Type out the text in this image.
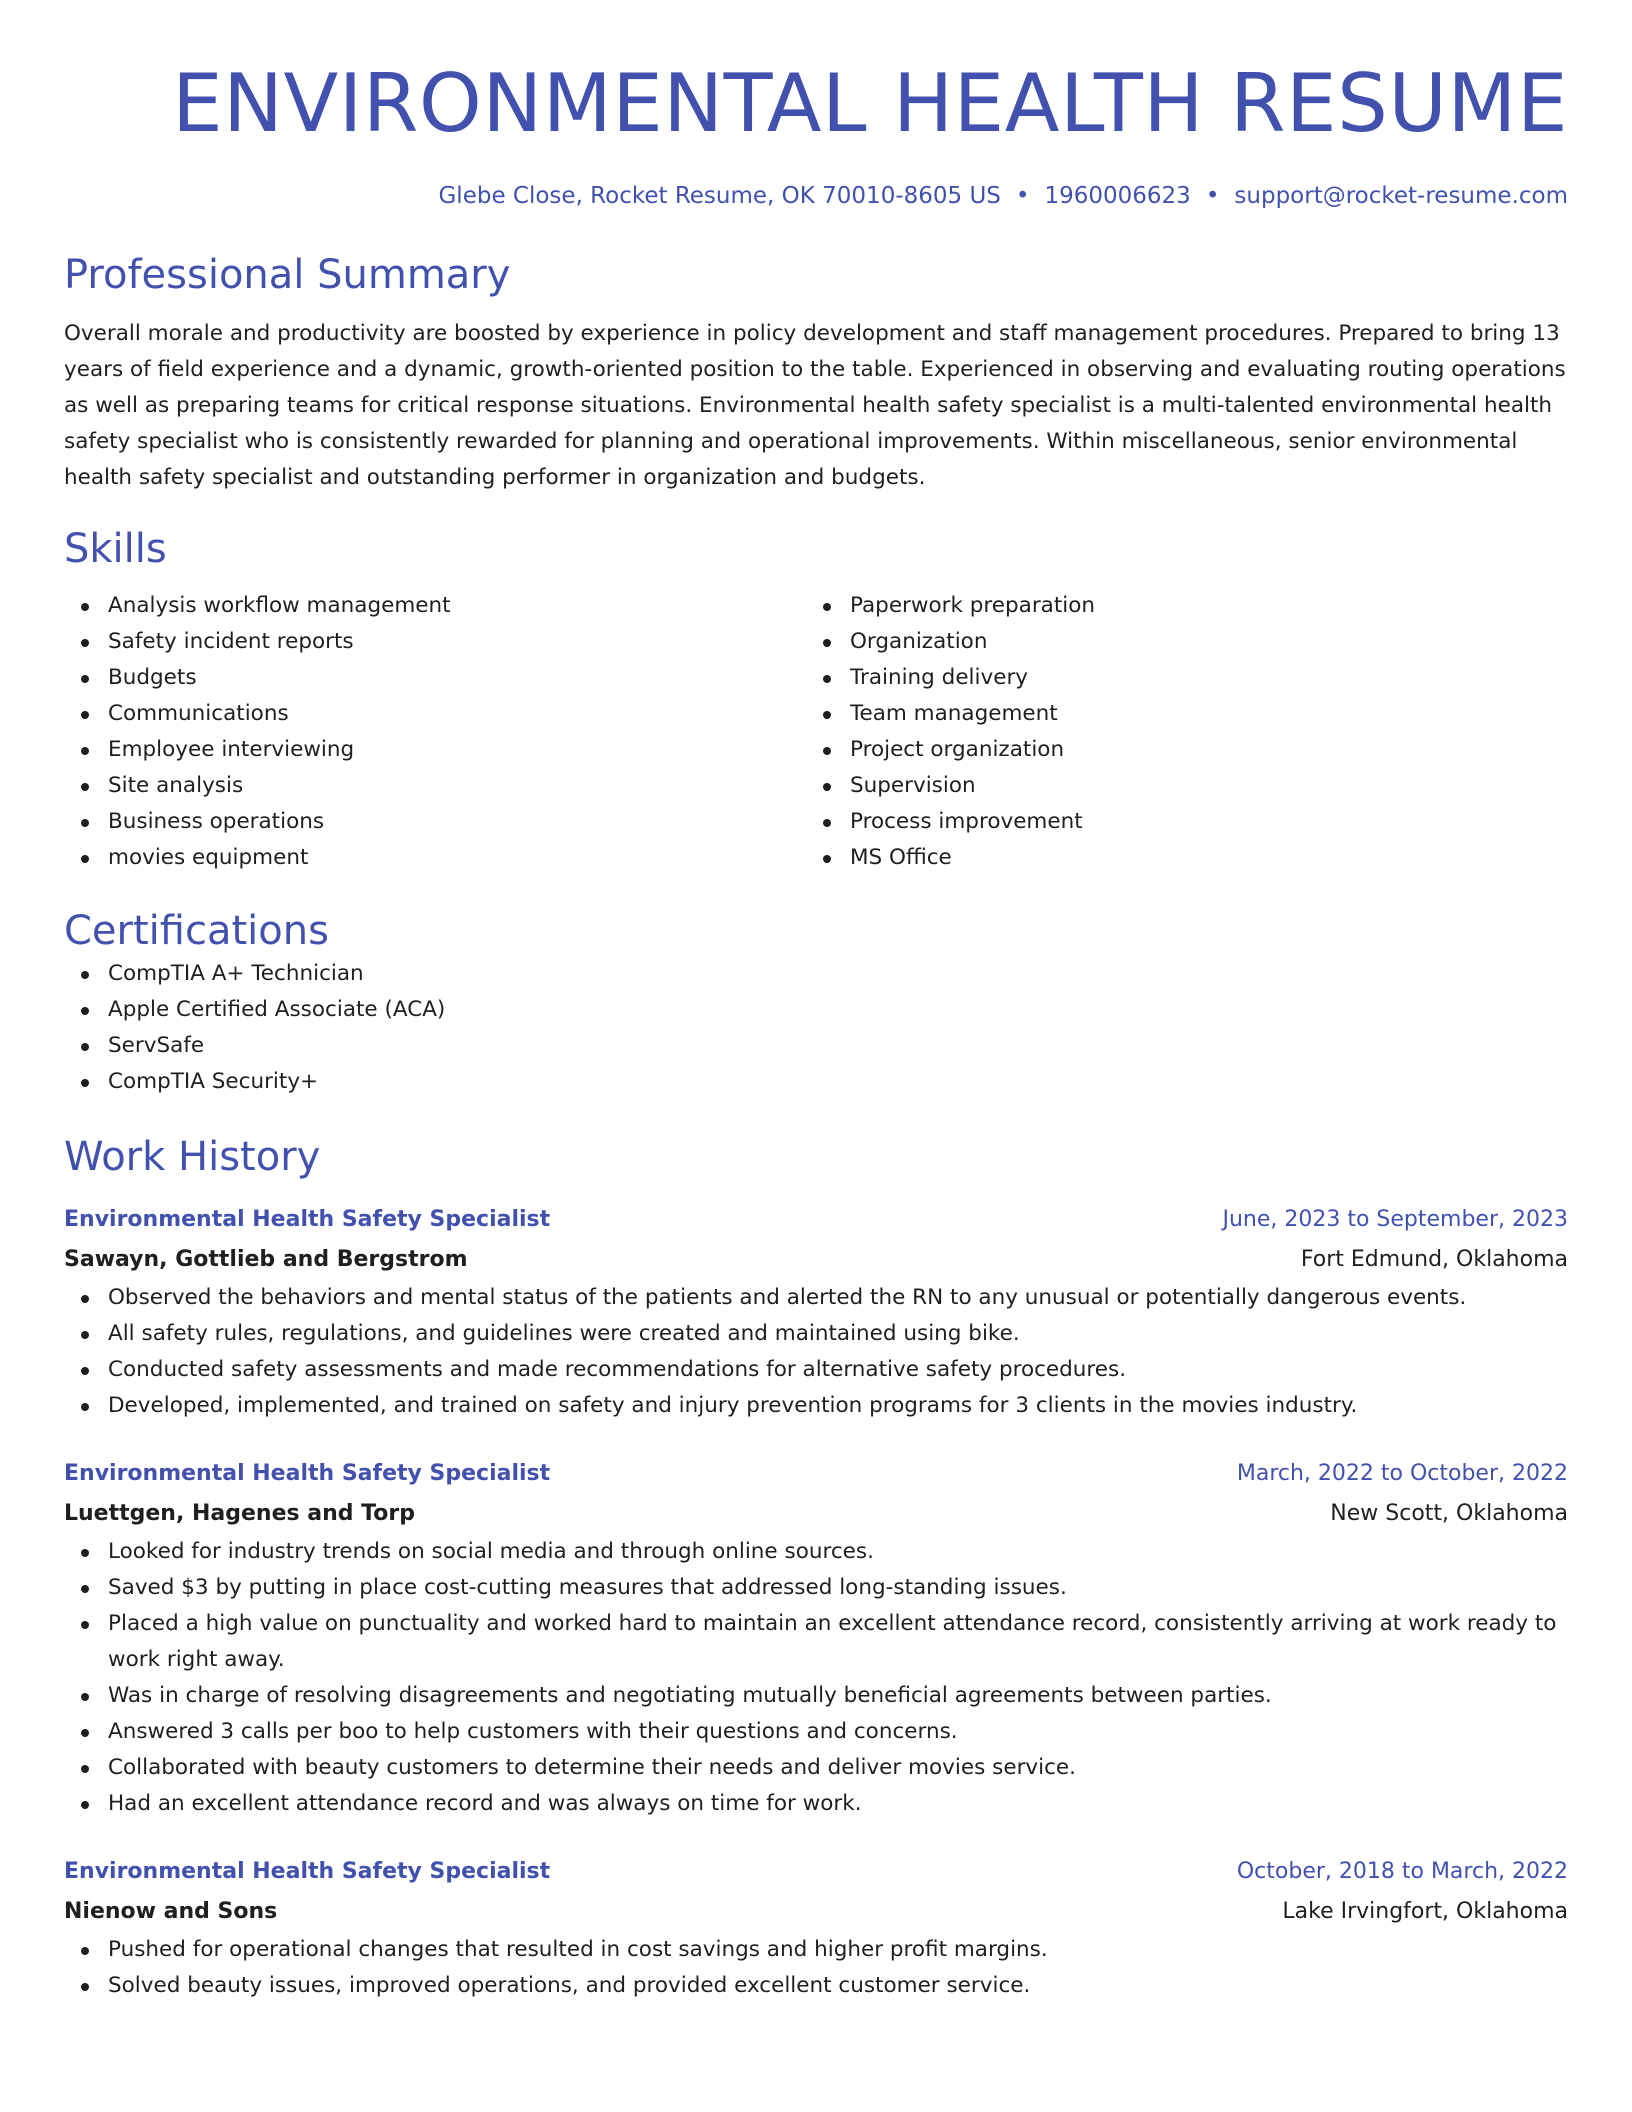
ENVIRONMENTAL HEALTH RESUME
Glebe Close, Rocket Resume, OK 70010-8605 US • 1960006623 • support@rocket-resume.com
Professional Summary

Overall morale and productivity are boosted by experience in policy development and staff management procedures. Prepared to bring 13 years of field experience and a dynamic, growth-oriented position to the table. Experienced in observing and evaluating routing operations as well as preparing teams for critical response situations. Environmental health safety specialist is a multi-talented environmental health safety specialist who is consistently rewarded for planning and operational improvements. Within miscellaneous, senior environmental health safety specialist and outstanding performer in organization and budgets.

Skills
Analysis workflow management
Safety incident reports
Budgets
Communications
Employee interviewing
Site analysis
Business operations
movies equipment
Paperwork preparation
Organization
Training delivery
Team management
Project organization
Supervision
Process improvement
MS Office
Certifications
CompTIA A+ Technician
Apple Certified Associate (ACA)
ServSafe
CompTIA Security+
Work History
Environmental Health Safety Specialist	June, 2023 to September, 2023
Sawayn, Gottlieb and Bergstrom	Fort Edmund, Oklahoma
Observed the behaviors and mental status of the patients and alerted the RN to any unusual or potentially dangerous events.
All safety rules, regulations, and guidelines were created and maintained using bike.
Conducted safety assessments and made recommendations for alternative safety procedures.
Developed, implemented, and trained on safety and injury prevention programs for 3 clients in the movies industry.
Environmental Health Safety Specialist	March, 2022 to October, 2022
Luettgen, Hagenes and Torp	New Scott, Oklahoma
Looked for industry trends on social media and through online sources.
Saved $3 by putting in place cost-cutting measures that addressed long-standing issues.
Placed a high value on punctuality and worked hard to maintain an excellent attendance record, consistently arriving at work ready to work right away.
Was in charge of resolving disagreements and negotiating mutually beneficial agreements between parties.
Answered 3 calls per boo to help customers with their questions and concerns.
Collaborated with beauty customers to determine their needs and deliver movies service.
Had an excellent attendance record and was always on time for work.
Environmental Health Safety Specialist	October, 2018 to March, 2022
Nienow and Sons	Lake Irvingfort, Oklahoma
Pushed for operational changes that resulted in cost savings and higher profit margins.
Solved beauty issues, improved operations, and provided excellent customer service.
